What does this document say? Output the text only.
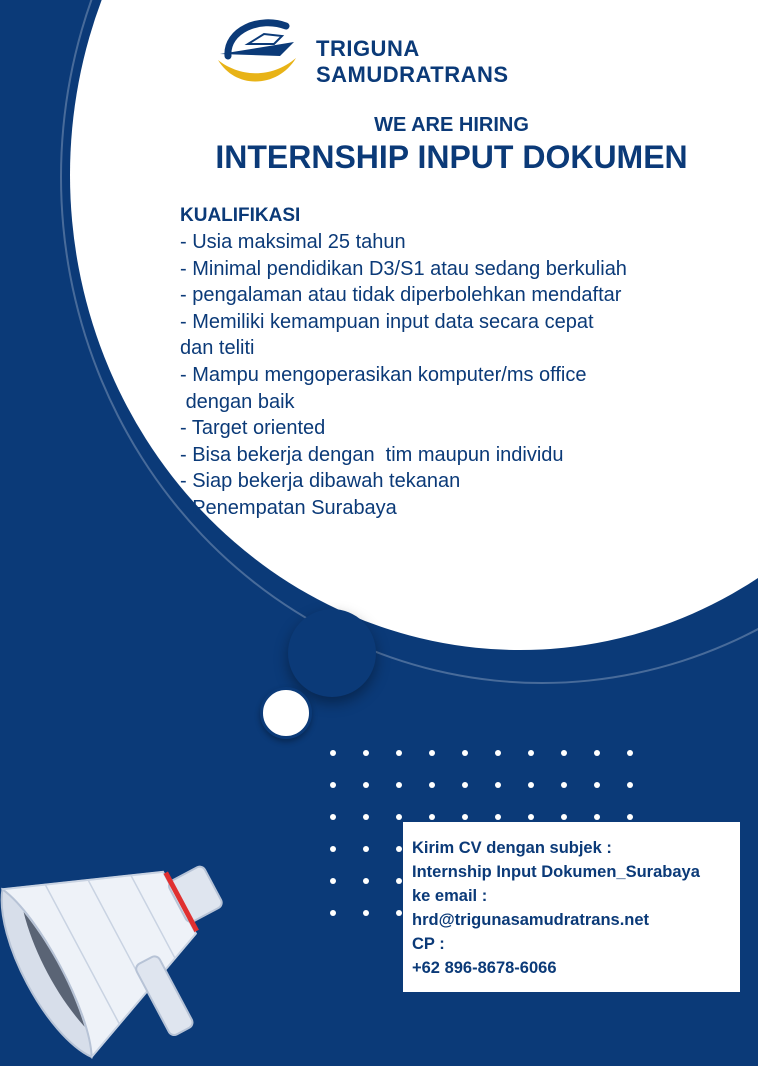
TRIGUNA SAMUDRATRANS
WE ARE HIRING
INTERNSHIP INPUT DOKUMEN
KUALIFIKASI
- Usia maksimal 25 tahun
- Minimal pendidikan D3/S1 atau sedang berkuliah
- pengalaman atau tidak diperbolehkan mendaftar
- Memiliki kemampuan input data secara cepat
dan teliti
- Mampu mengoperasikan komputer/ms office
dengan baik
- Target oriented
- Bisa bekerja dengan  tim maupun individu
- Siap bekerja dibawah tekanan
- Penempatan Surabaya
Kirim CV dengan subjek :
Internship Input Dokumen_Surabaya
ke email :
hrd@trigunasamudratrans.net
CP :
+62 896-8678-6066
